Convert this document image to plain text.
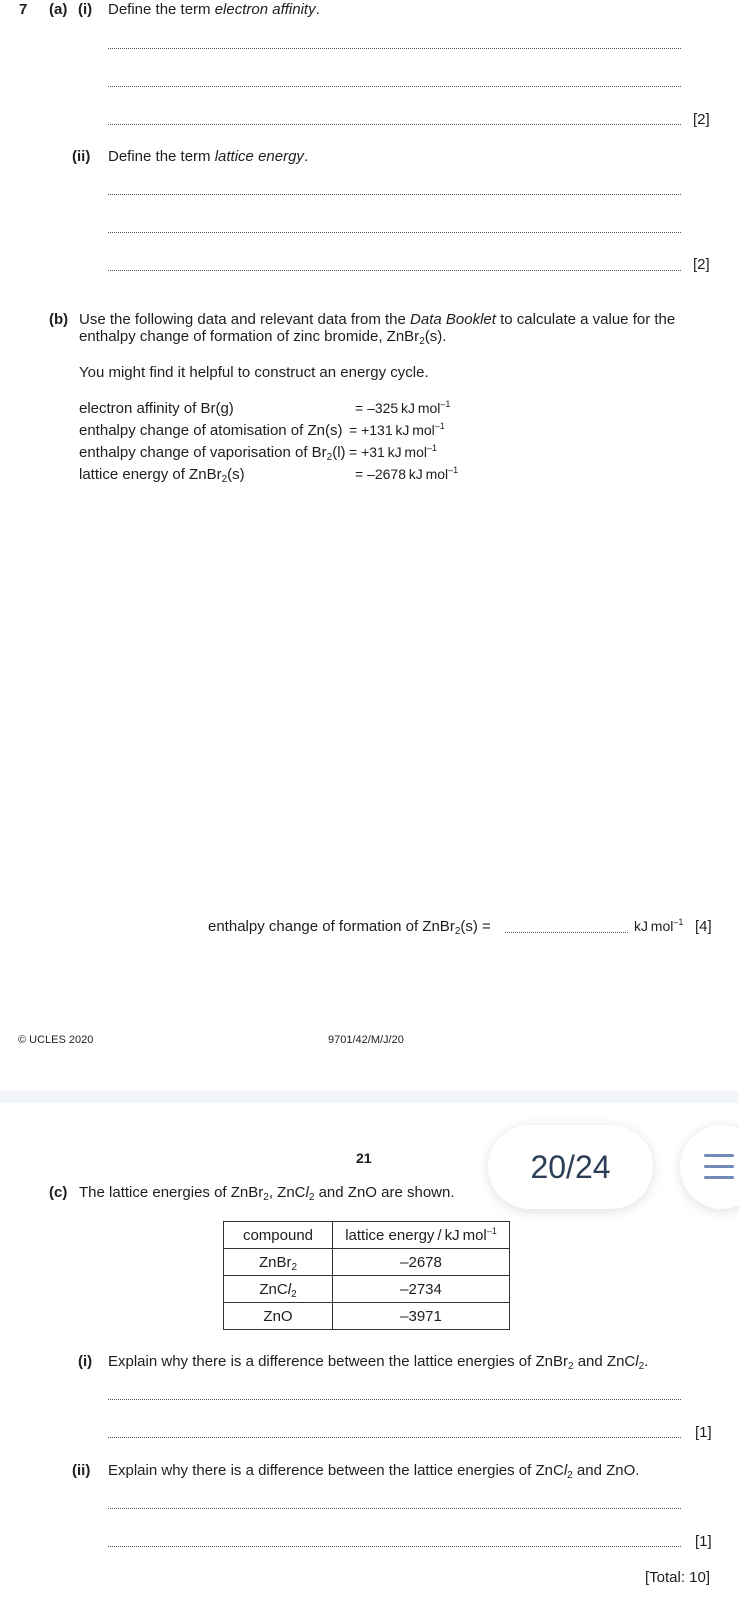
7 (a) (i) Define the term electron affinity.
[2]
(ii) Define the term lattice energy.
[2]
(b) Use the following data and relevant data from the Data Booklet to calculate a value for the
enthalpy change of formation of zinc bromide, ZnBr$_2$(s).
You might find it helpful to construct an energy cycle.
electron affinity of Br(g)	= –325 kJ mol$^{-1}$
enthalpy change of atomisation of Zn(s) = +131 kJ mol$^{-1}$
enthalpy change of vaporisation of $Br_2(l) = +31$ kJ mol$^{-1}$
lattice energy of ZnBr$_2$(s)	= –2678 kJ mol$^{-1}$
enthalpy change of formation of ZnBr$_2$(s) =	kJ mol$^{-1}$ [4]
© UCLES 2020	9701/42/M/J/20
20/24
21
(c) The lattice energies of ZnBr$_2$, ZnCl$_2$ and ZnO are shown.
compound	lattice energy / kJ mol$^{-1}$
ZnBr$_2$	–2678
ZnCl$_2$	–2734
ZnO	–3971
(i) Explain why there is a difference between the lattice energies of ZnBr$_2$ and ZnCl$_2$.
[1]
(ii) Explain why there is a difference between the lattice energies of ZnCl$_2$ and ZnO.
[1]
[Total: 10]
